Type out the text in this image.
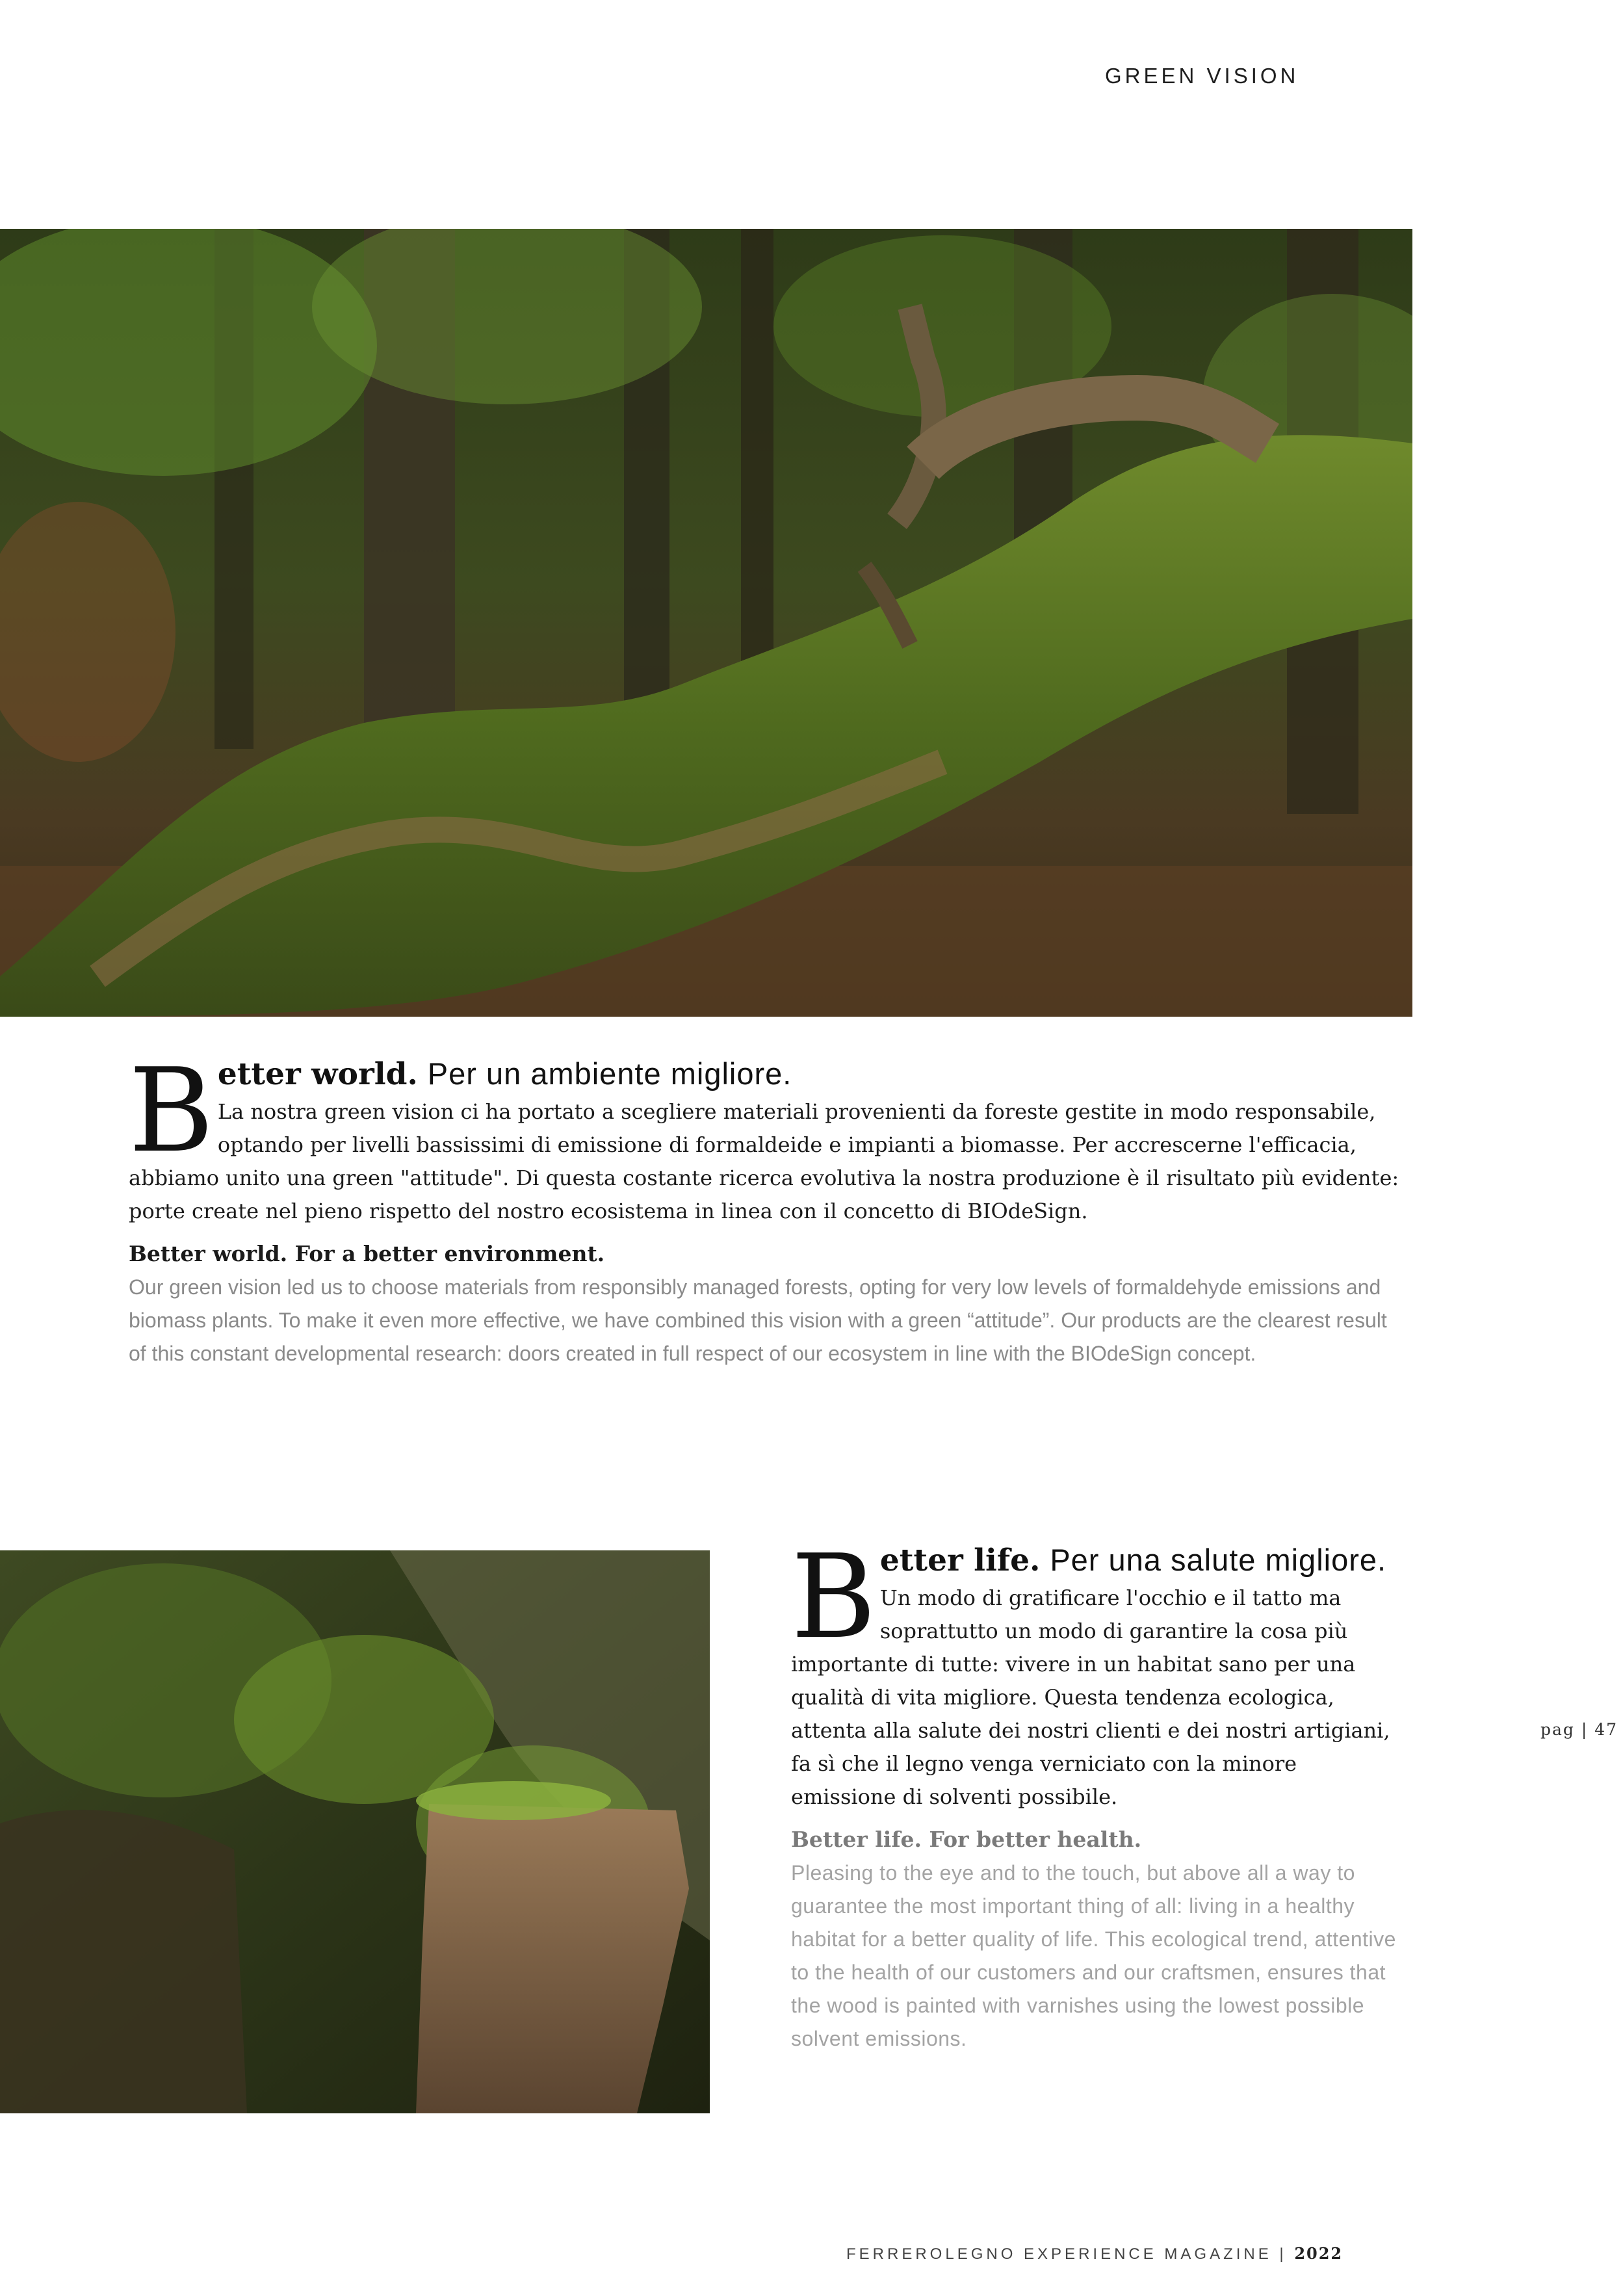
GREEN VISION
B etter world. Per un ambiente migliore.

La nostra green vision ci ha portato a scegliere materiali provenienti da foreste gestite in modo responsabile, optando per livelli bassissimi di emissione di formaldeide e impianti a biomasse. Per accrescerne l'efficacia, abbiamo unito una green "attitude". Di questa costante ricerca evolutiva la nostra produzione è il risultato più evidente: porte create nel pieno rispetto del nostro ecosistema in linea con il concetto di BIOdeSign.

Better world. For a better environment.

Our green vision led us to choose materials from responsibly managed forests, opting for very low levels of formaldehyde emissions and biomass plants. To make it even more effective, we have combined this vision with a green “attitude”. Our products are the clearest result of this constant developmental research: doors created in full respect of our ecosystem in line with the BIOdeSign concept.

B etter life. Per una salute migliore.

Un modo di gratificare l'occhio e il tatto ma soprattutto un modo di garantire la cosa più importante di tutte: vivere in un habitat sano per una qualità di vita migliore. Questa tendenza ecologica, attenta alla salute dei nostri clienti e dei nostri artigiani, fa sì che il legno venga verniciato con la minore emissione di solventi possibile.

Better life. For better health.

Pleasing to the eye and to the touch, but above all a way to guarantee the most important thing of all: living in a healthy habitat for a better quality of life. This ecological trend, attentive to the health of our customers and our craftsmen, ensures that the wood is painted with varnishes using the lowest possible solvent emissions.

pag | 47
FERREROLEGNO EXPERIENCE MAGAZINE | 2022
